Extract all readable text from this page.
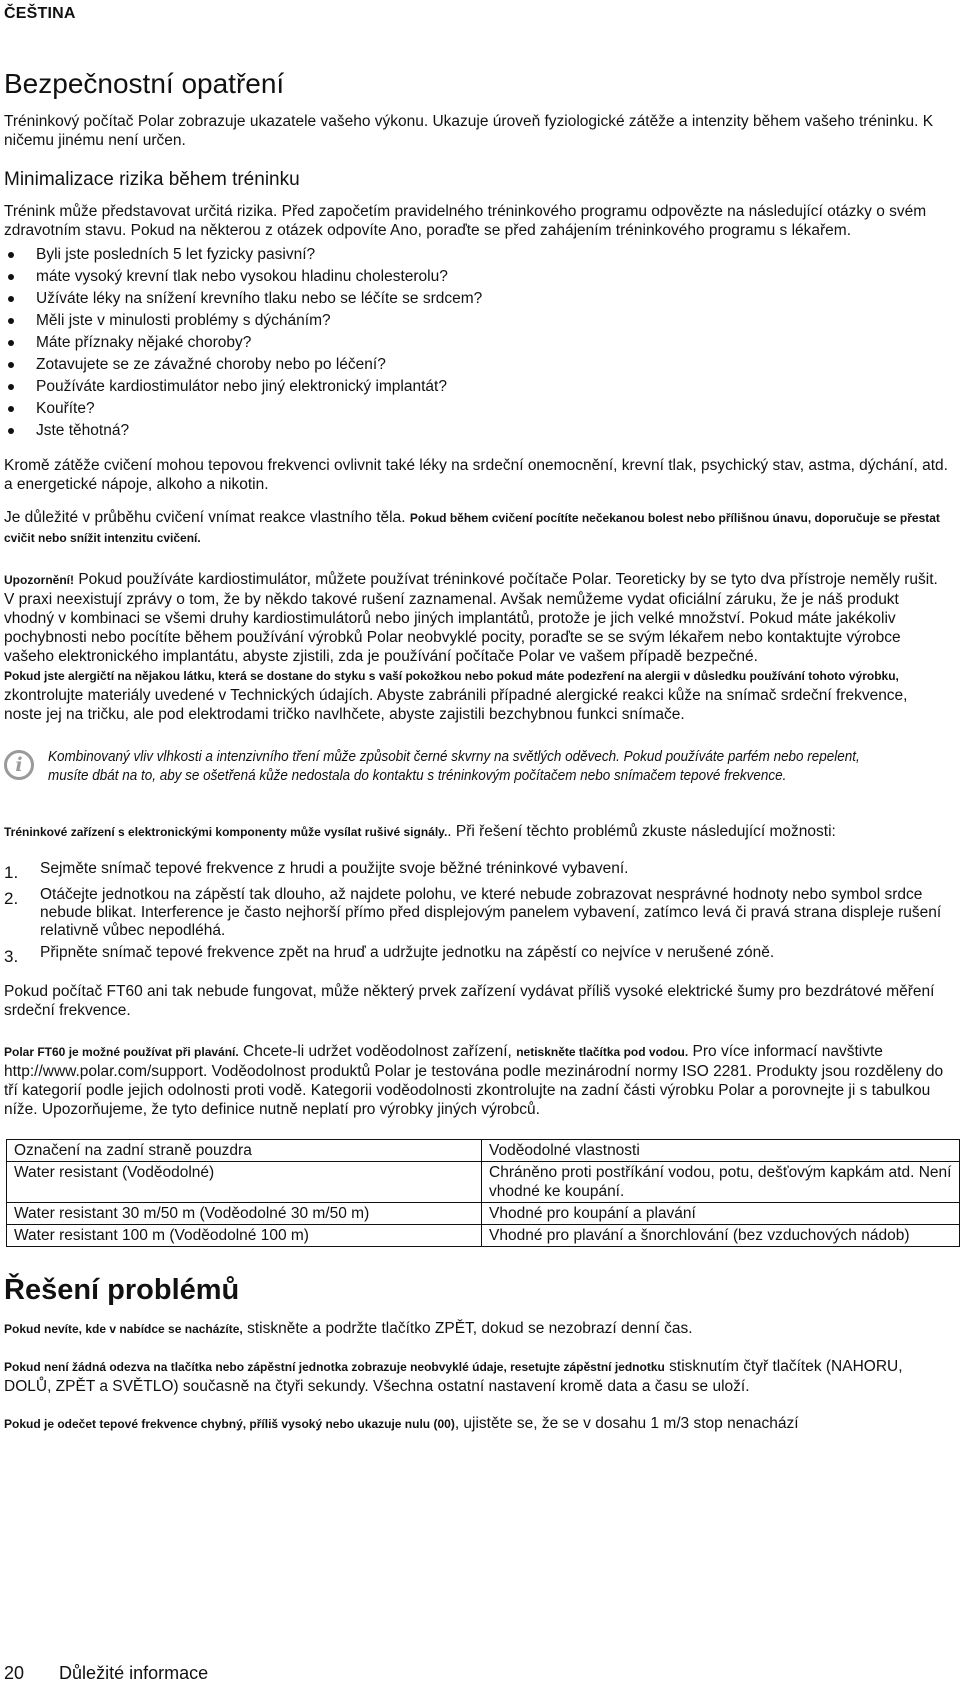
ČEŠTINA
Bezpečnostní opatření

Tréninkový počítač Polar zobrazuje ukazatele vašeho výkonu. Ukazuje úroveň fyziologické zátěže a intenzity během vašeho tréninku. K ničemu jinému není určen.

Minimalizace rizika během tréninku

Trénink může představovat určitá rizika. Před započetím pravidelného tréninkového programu odpovězte na následující otázky o svém zdravotním stavu. Pokud na některou z otázek odpovíte Ano, poraďte se před zahájením tréninkového programu s lékařem.

Byli jste posledních 5 let fyzicky pasivní?
máte vysoký krevní tlak nebo vysokou hladinu cholesterolu?
Užíváte léky na snížení krevního tlaku nebo se léčíte se srdcem?
Měli jste v minulosti problémy s dýcháním?
Máte příznaky nějaké choroby?
Zotavujete se ze závažné choroby nebo po léčení?
Používáte kardiostimulátor nebo jiný elektronický implantát?
Kouříte?
Jste těhotná?

Kromě zátěže cvičení mohou tepovou frekvenci ovlivnit také léky na srdeční onemocnění, krevní tlak, psychický stav, astma, dýchání, atd. a energetické nápoje, alkoho a nikotin.

Je důležité v průběhu cvičení vnímat reakce vlastního těla. Pokud během cvičení pocítíte nečekanou bolest nebo přílišnou únavu, doporučuje se přestat cvičit nebo snížit intenzitu cvičení.

Upozornění! Pokud používáte kardiostimulátor, můžete používat tréninkové počítače Polar. Teoreticky by se tyto dva přístroje neměly rušit. V praxi neexistují zprávy o tom, že by někdo takové rušení zaznamenal. Avšak nemůžeme vydat oficiální záruku, že je náš produkt vhodný v kombinaci se všemi druhy kardiostimulátorů nebo jiných implantátů, protože je jich velké množství. Pokud máte jakékoliv pochybnosti nebo pocítíte během používání výrobků Polar neobvyklé pocity, poraďte se se svým lékařem nebo kontaktujte výrobce vašeho elektronického implantátu, abyste zjistili, zda je používání počítače Polar ve vašem případě bezpečné.

Pokud jste alergičtí na nějakou látku, která se dostane do styku s vaší pokožkou nebo pokud máte podezření na alergii v důsledku používání tohoto výrobku, zkontrolujte materiály uvedené v Technických údajích. Abyste zabránili případné alergické reakci kůže na snímač srdeční frekvence, noste jej na tričku, ale pod elektrodami tričko navlhčete, abyste zajistili bezchybnou funkci snímače.

i	Kombinovaný vliv vlhkosti a intenzivního tření může způsobit černé skvrny na světlých oděvech. Pokud používáte parfém nebo repelent, musíte dbát na to, aby se ošetřená kůže nedostala do kontaktu s tréninkovým počítačem nebo snímačem tepové frekvence.

Tréninkové zařízení s elektronickými komponenty může vysílat rušivé signály.. Při řešení těchto problémů zkuste následující možnosti:

1.	Sejměte snímač tepové frekvence z hrudi a použijte svoje běžné tréninkové vybavení.
2.	Otáčejte jednotkou na zápěstí tak dlouho, až najdete polohu, ve které nebude zobrazovat nesprávné hodnoty nebo symbol srdce nebude blikat. Interference je často nejhorší přímo před displejovým panelem vybavení, zatímco levá či pravá strana displeje rušení relativně vůbec nepodléhá.
3.	Připněte snímač tepové frekvence zpět na hruď a udržujte jednotku na zápěstí co nejvíce v nerušené zóně.

Pokud počítač FT60 ani tak nebude fungovat, může některý prvek zařízení vydávat příliš vysoké elektrické šumy pro bezdrátové měření srdeční frekvence.

Polar FT60 je možné používat při plavání. Chcete-li udržet voděodolnost zařízení, netiskněte tlačítka pod vodou. Pro více informací navštivte http://www.polar.com/support. Voděodolnost produktů Polar je testována podle mezinárodní normy ISO 2281. Produkty jsou rozděleny do tří kategorií podle jejich odolnosti proti vodě. Kategorii voděodolnosti zkontrolujte na zadní části výrobku Polar a porovnejte ji s tabulkou níže. Upozorňujeme, že tyto definice nutně neplatí pro výrobky jiných výrobců.

Označení na zadní straně pouzdra	Voděodolné vlastnosti
Water resistant (Voděodolné)	Chráněno proti postříkání vodou, potu, dešťovým kapkám atd. Není vhodné ke koupání.
Water resistant 30 m/50 m (Voděodolné 30 m/50 m)	Vhodné pro koupání a plavání
Water resistant 100 m (Voděodolné 100 m)	Vhodné pro plavání a šnorchlování (bez vzduchových nádob)
Řešení problémů

Pokud nevíte, kde v nabídce se nacházíte, stiskněte a podržte tlačítko ZPĚT, dokud se nezobrazí denní čas.

Pokud není žádná odezva na tlačítka nebo zápěstní jednotka zobrazuje neobvyklé údaje, resetujte zápěstní jednotku stisknutím čtyř tlačítek (NAHORU, DOLŮ, ZPĚT a SVĚTLO) současně na čtyři sekundy. Všechna ostatní nastavení kromě data a času se uloží.

Pokud je odečet tepové frekvence chybný, příliš vysoký nebo ukazuje nulu (00), ujistěte se, že se v dosahu 1 m/3 stop nenachází

20 Důležité informace
